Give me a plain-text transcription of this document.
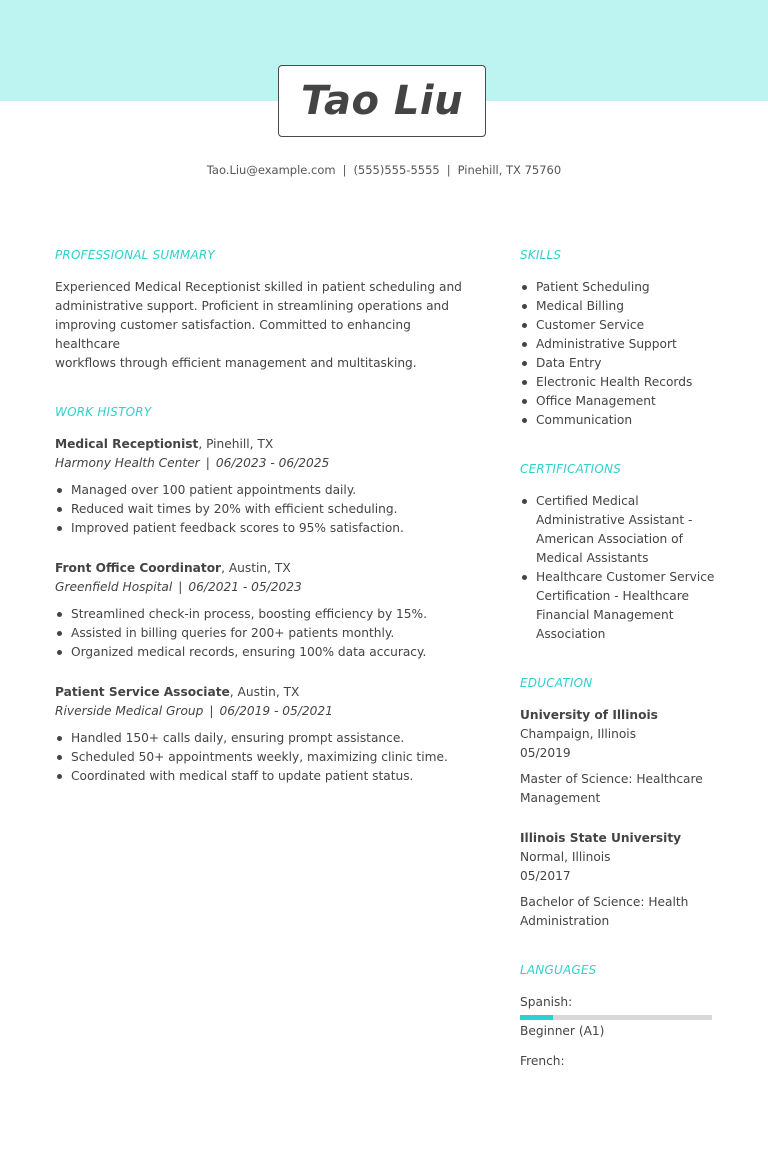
Tao Liu
Tao.Liu@example.com | (555)555-5555 | Pinehill, TX 75760

PROFESSIONAL SUMMARY

Experienced Medical Receptionist skilled in patient scheduling and
administrative support. Proficient in streamlining operations and
improving customer satisfaction. Committed to enhancing healthcare
workflows through efficient management and multitasking.

WORK HISTORY

Medical Receptionist, Pinehill, TX
Harmony Health Center | 06/2023 - 06/2025
Managed over 100 patient appointments daily.
Reduced wait times by 20% with efficient scheduling.
Improved patient feedback scores to 95% satisfaction.
Front Office Coordinator, Austin, TX
Greenfield Hospital | 06/2021 - 05/2023
Streamlined check-in process, boosting efficiency by 15%.
Assisted in billing queries for 200+ patients monthly.
Organized medical records, ensuring 100% data accuracy.
Patient Service Associate, Austin, TX
Riverside Medical Group | 06/2019 - 05/2021
Handled 150+ calls daily, ensuring prompt assistance.
Scheduled 50+ appointments weekly, maximizing clinic time.
Coordinated with medical staff to update patient status.

SKILLS

Patient Scheduling
Medical Billing
Customer Service
Administrative Support
Data Entry
Electronic Health Records
Office Management
Communication

CERTIFICATIONS

Certified Medical
Administrative Assistant -
American Association of
Medical Assistants
Healthcare Customer Service
Certification - Healthcare
Financial Management
Association

EDUCATION

University of Illinois
Champaign, Illinois
05/2019
Master of Science: Healthcare
Management
Illinois State University
Normal, Illinois
05/2017
Bachelor of Science: Health
Administration

LANGUAGES

Spanish:
Beginner (A1)
French:
